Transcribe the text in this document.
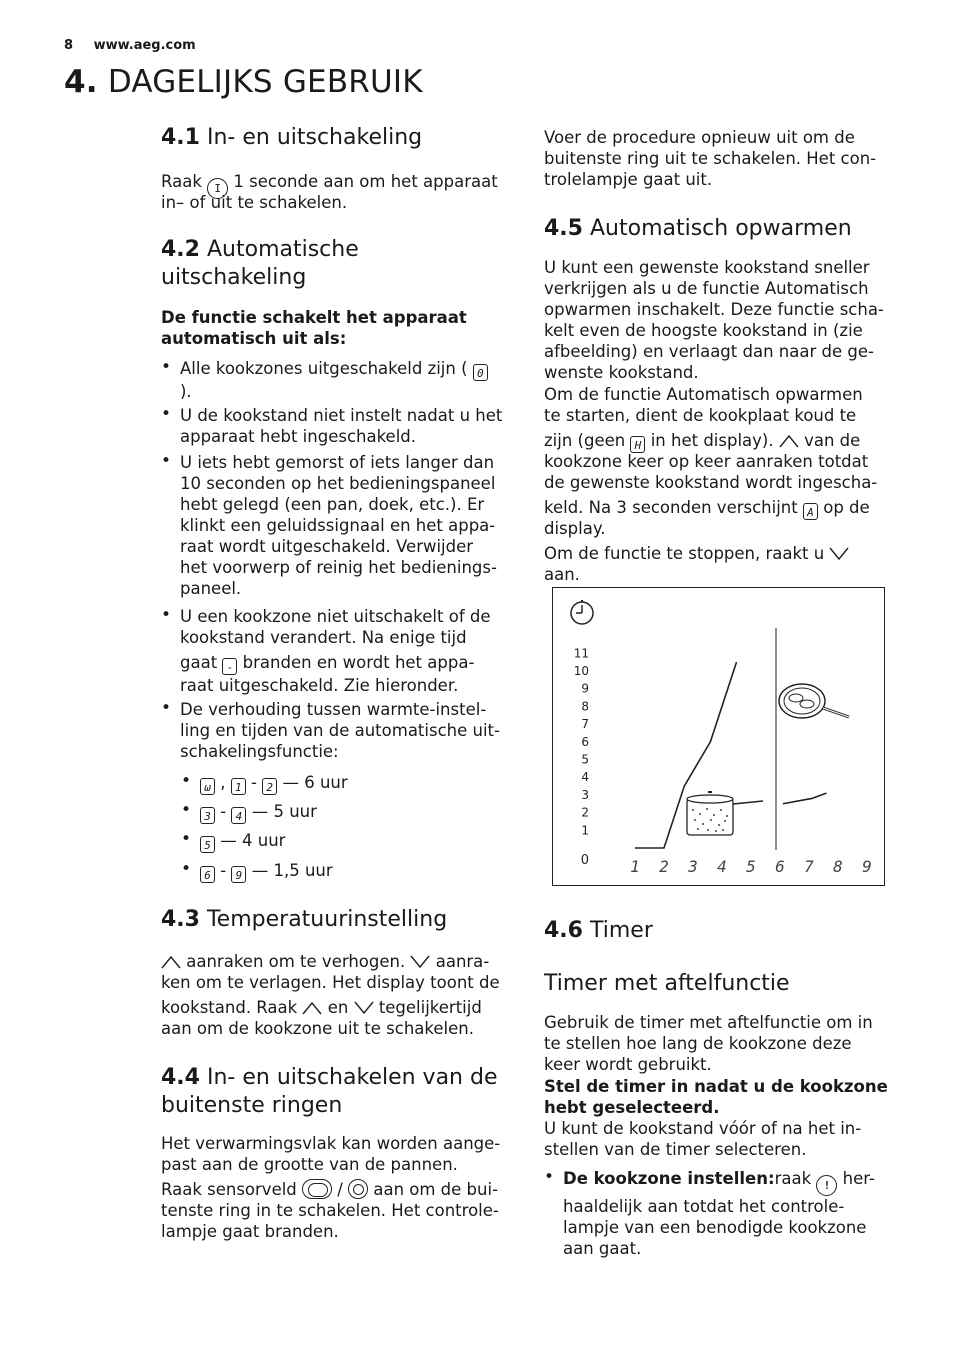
8 www.aeg.com
4. DAGELIJKS GEBRUIK
4.1 In- en uitschakeling

Raak I 1 seconde aan om het apparaat

in– of uit te schakelen.

4.2 Automatische
uitschakeling

De functie schakelt het apparaat

automatisch uit als:

• Alle kookzones uitgeschakeld zijn ( 0
).
• U de kookstand niet instelt nadat u het
apparaat hebt ingeschakeld.
• U iets hebt gemorst of iets langer dan
10 seconden op het bedieningspaneel
hebt gelegd (een pan, doek, etc.). Er
klinkt een geluidssignaal en het appa-
raat wordt uitgeschakeld. Verwijder
het voorwerp of reinig het bedienings-
paneel.
• U een kookzone niet uitschakelt of de
kookstand verandert. Na enige tijd
gaat - branden en wordt het appa-
raat uitgeschakeld. Zie hieronder.
• De verhouding tussen warmte-instel-
ling en tijden van de automatische uit-
schakelingsfunctie:
• ω , 1 - 2 — 6 uur
• 3 - 4 — 5 uur
• 5 — 4 uur
• 6 - 9 — 1,5 uur
4.3 Temperatuurinstelling

aanraken om te verhogen. aanra-

ken om te verlagen. Het display toont de

kookstand. Raak en tegelijkertijd

aan om de kookzone uit te schakelen.

4.4 In- en uitschakelen van de
buitenste ringen

Het verwarmingsvlak kan worden aange-

past aan de grootte van de pannen.

Raak sensorveld / aan om de bui-

tenste ring in te schakelen. Het controle-

lampje gaat branden.

Voer de procedure opnieuw uit om de

buitenste ring uit te schakelen. Het con-

trolelampje gaat uit.

4.5 Automatisch opwarmen

U kunt een gewenste kookstand sneller

verkrijgen als u de functie Automatisch

opwarmen inschakelt. Deze functie scha-

kelt even de hoogste kookstand in (zie

afbeelding) en verlaagt dan naar de ge-

wenste kookstand.

Om de functie Automatisch opwarmen

te starten, dient de kookplaat koud te

zijn (geen H in het display). van de

kookzone keer op keer aanraken totdat

de gewenste kookstand wordt ingescha-

keld. Na 3 seconden verschijnt A op de

display.

Om de functie te stoppen, raakt u

aan.

4.6 Timer
Timer met aftelfunctie

Gebruik de timer met aftelfunctie om in

te stellen hoe lang de kookzone deze

keer wordt gebruikt.

Stel de timer in nadat u de kookzone

hebt geselecteerd.

U kunt de kookstand vóór of na het in-

stellen van de timer selecteren.

• De kookzone instellen:raak ! her-
haaldelijk aan totdat het controle-
lampje van een benodigde kookzone
aan gaat.
11
10
9
8
7
6
5
4
3
2
1
0	1 2 3 4 5 6 7 8 9
